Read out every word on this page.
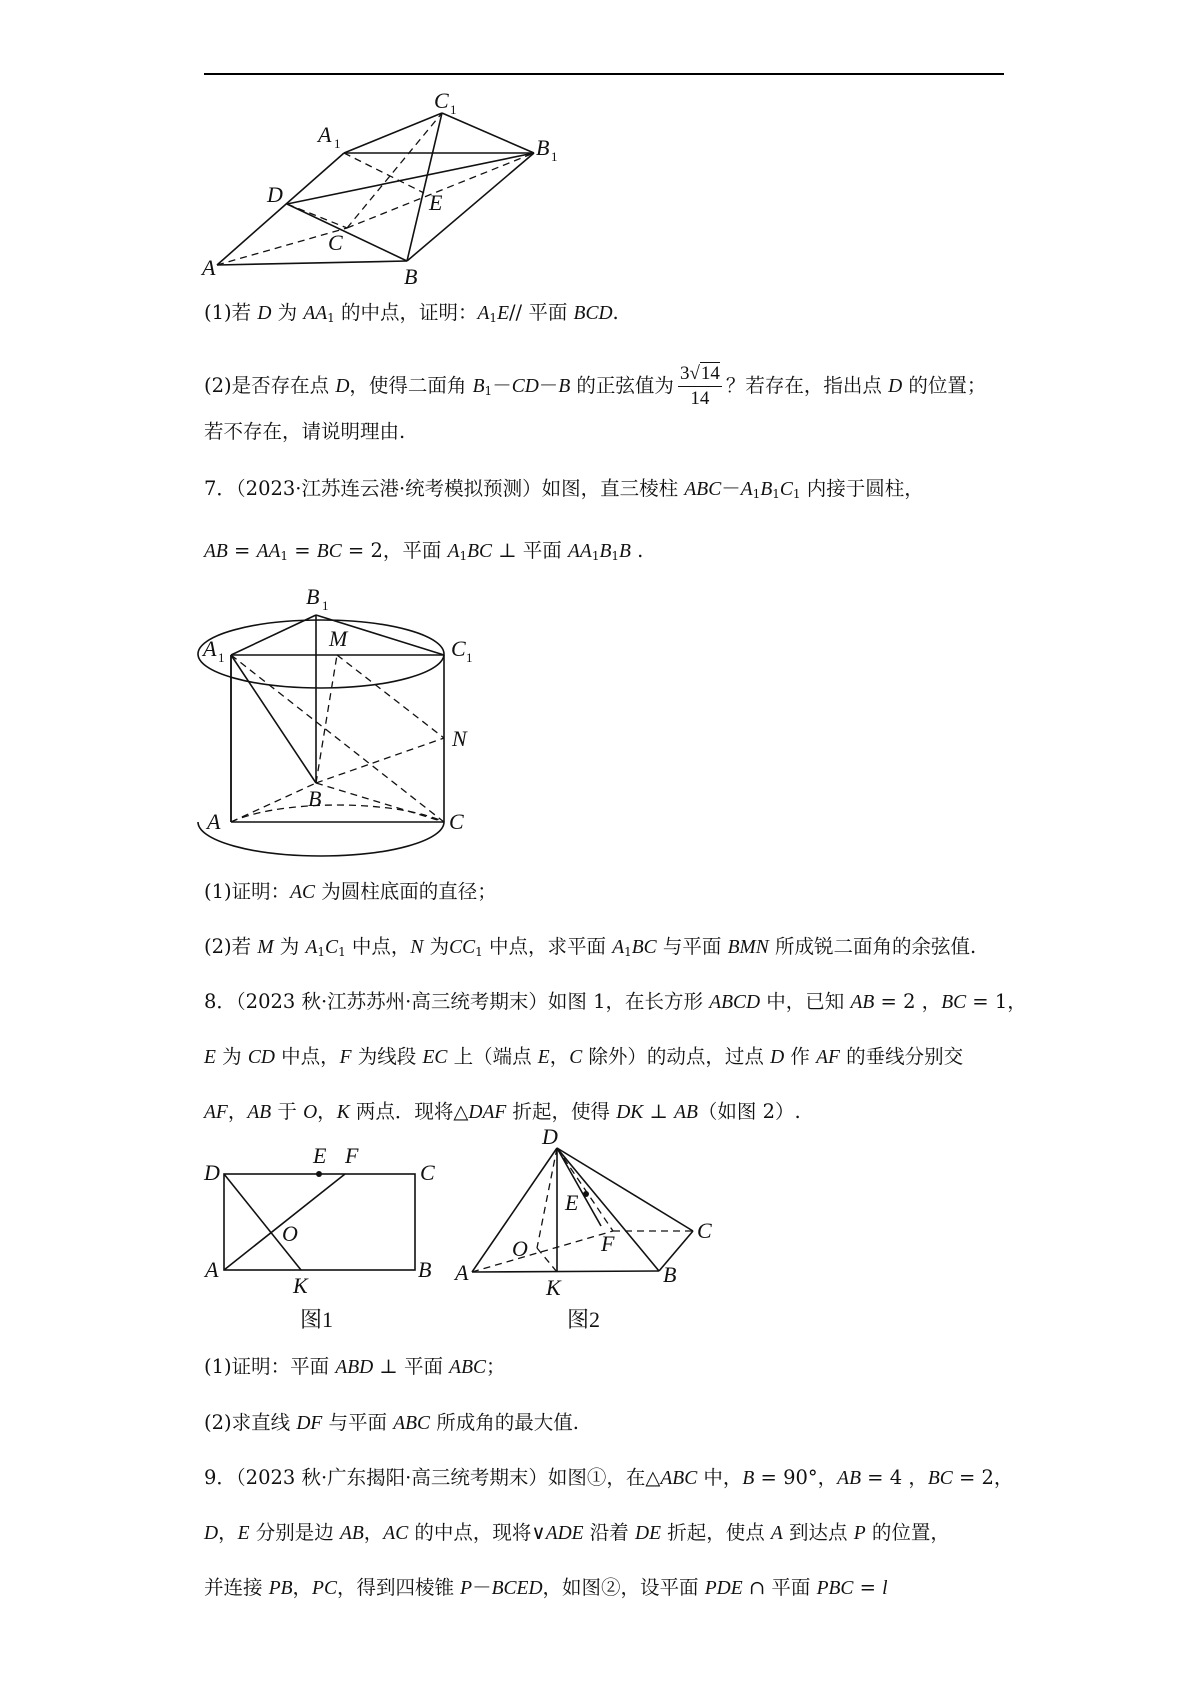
A	B
C
D	E
A 1	B 1
C 1
(1)若 D 为 $AA_1$ 的中点，证明：$A_1E//$ 平面 BCD.
(2)是否存在点 D，使得二面角 $B_1-CD-B$ 的正弦值为 $\frac{3√14}{14}$ ？若存在，指出点 D 的位置；
若不存在，请说明理由.
7．（2023·江苏连云港·统考模拟预测）如图，直三棱柱 $ABC-A_1B_1C_1$ 内接于圆柱，
AB = $AA_1$ = BC = 2，平面 $A_1BC$ ⊥ 平面 $AA_1B_1B$ .
A 1
B 1
C 1
M
N
B
A	C
(1)证明：AC 为圆柱底面的直径；
(2)若 M 为 $A_1C_1$ 中点，N 为$CC_1$ 中点，求平面 $A_1BC$ 与平面 BMN 所成锐二面角的余弦值.
8．（2023 秋·江苏苏州·高三统考期末）如图 1，在长方形 ABCD 中，已知 AB = 2 ，BC = 1，
E 为 CD 中点，F 为线段 EC 上（端点 E，C 除外）的动点，过点 D 作 AF 的垂线分别交
AF，AB 于 O，K 两点．现将△DAF 折起，使得 DK ⊥ AB（如图 2）.
D
E F
C
O
A
K
B
图1
D
E
O	F
C
A
K
B
图2
(1)证明：平面 ABD ⊥ 平面 ABC；
(2)求直线 DF 与平面 ABC 所成角的最大值.
9．（2023 秋·广东揭阳·高三统考期末）如图①，在△ABC 中，B = 90°，AB = 4 ，BC = 2，
D，E 分别是边 AB，AC 的中点，现将∨ADE 沿着 DE 折起，使点 A 到达点 P 的位置，
并连接 PB，PC，得到四棱锥 P－BCED，如图②，设平面 PDE ∩ 平面 PBC = l
